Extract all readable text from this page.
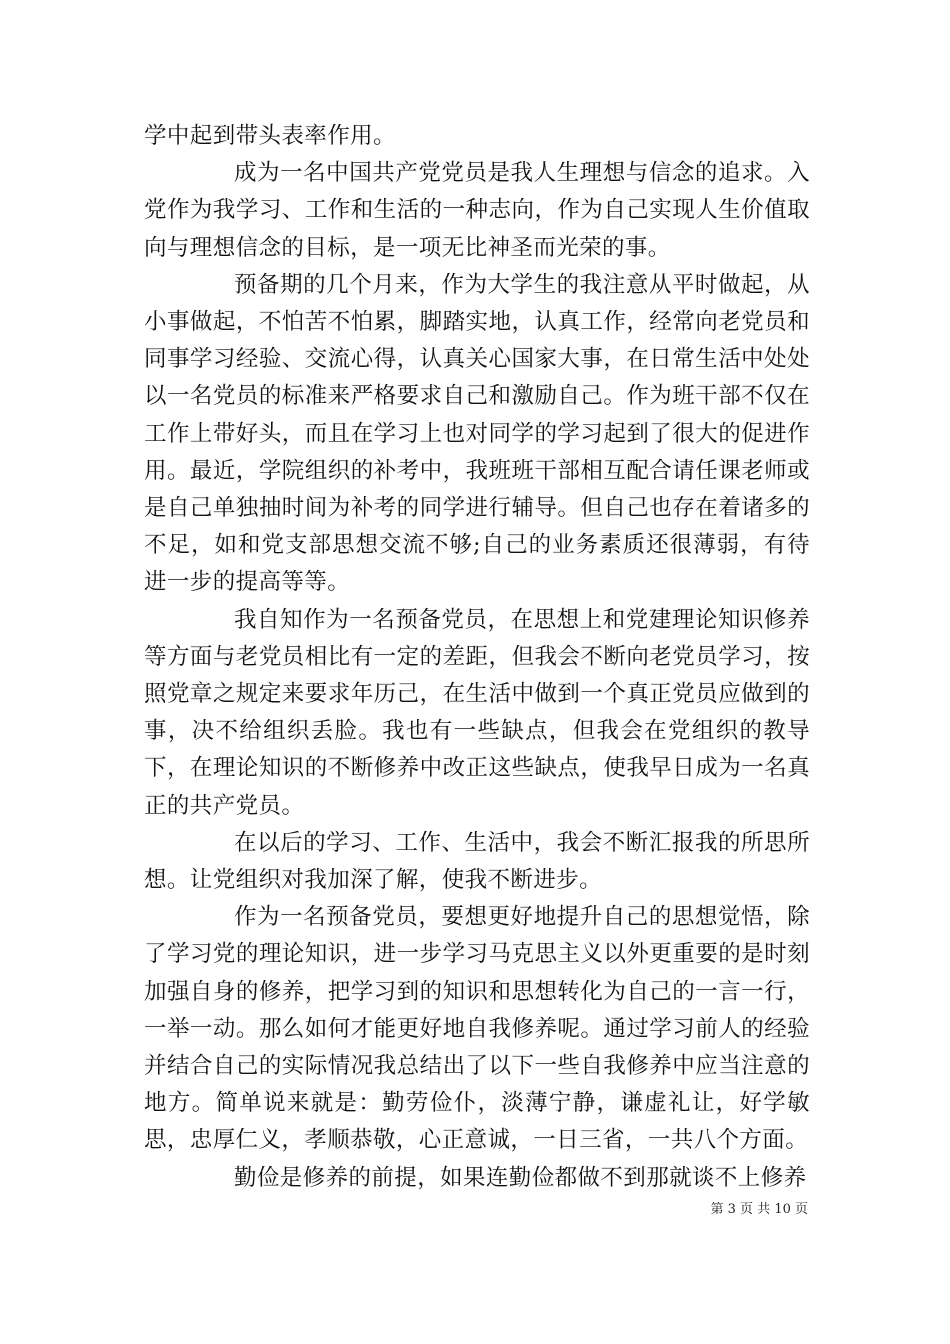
学中起到带头表率作用。

成为一名中国共产党党员是我人生理想与信念的追求。入党作为我学习、工作和生活的一种志向，作为自己实现人生价值取向与理想信念的目标，是一项无比神圣而光荣的事。

预备期的几个月来，作为大学生的我注意从平时做起，从小事做起，不怕苦不怕累，脚踏实地，认真工作，经常向老党员和同事学习经验、交流心得，认真关心国家大事，在日常生活中处处以一名党员的标准来严格要求自己和激励自己。作为班干部不仅在工作上带好头，而且在学习上也对同学的学习起到了很大的促进作用。最近，学院组织的补考中，我班班干部相互配合请任课老师或是自己单独抽时间为补考的同学进行辅导。但自己也存在着诸多的不足，如和党支部思想交流不够;自己的业务素质还很薄弱，有待进一步的提高等等。

我自知作为一名预备党员，在思想上和党建理论知识修养等方面与老党员相比有一定的差距，但我会不断向老党员学习，按照党章之规定来要求年历己，在生活中做到一个真正党员应做到的事，决不给组织丢脸。我也有一些缺点，但我会在党组织的教导下，在理论知识的不断修养中改正这些缺点，使我早日成为一名真正的共产党员。

在以后的学习、工作、生活中，我会不断汇报我的所思所想。让党组织对我加深了解，使我不断进步。

作为一名预备党员，要想更好地提升自己的思想觉悟，除了学习党的理论知识，进一步学习马克思主义以外更重要的是时刻加强自身的修养，把学习到的知识和思想转化为自己的一言一行，一举一动。那么如何才能更好地自我修养呢。通过学习前人的经验并结合自己的实际情况我总结出了以下一些自我修养中应当注意的地方。简单说来就是：勤劳俭仆，淡薄宁静，谦虚礼让，好学敏思，忠厚仁义，孝顺恭敬，心正意诚，一日三省，一共八个方面。

勤俭是修养的前提，如果连勤俭都做不到那就谈不上修养

第 3 页 共 10 页
